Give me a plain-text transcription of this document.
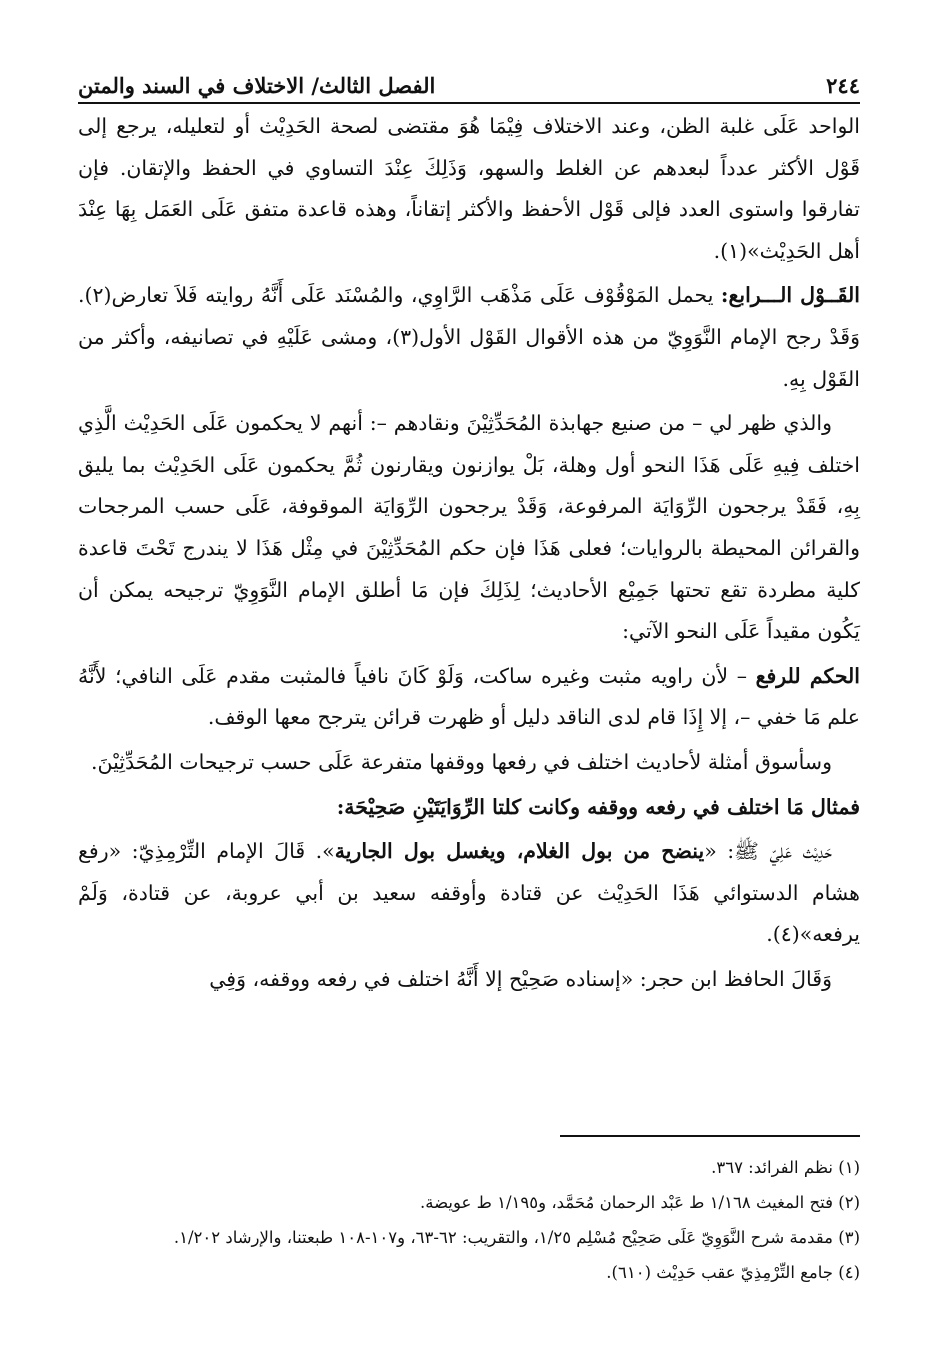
٢٤٤
الفصل الثالث/ الاختلاف في السند والمتن

الواحد عَلَى غلبة الظن، وعند الاختلاف فِيْمَا هُوَ مقتضى لصحة الحَدِيْث أو لتعليله، يرجع إلى قَوْل الأكثر عدداً لبعدهم عن الغلط والسهو، وَذَلِكَ عِنْدَ التساوي في الحفظ والإتقان. فإن تفارقوا واستوى العدد فإلى قَوْل الأحفظ والأكثر إتقاناً، وهذه قاعدة متفق عَلَى العَمَل بِهَا عِنْدَ أهل الحَدِيْث»(١).

القَــوْل الـــرابع: يحمل المَوْقُوْف عَلَى مَذْهَب الرَّاوِي، والمُسْنَد عَلَى أَنَّهُ روايته فَلاَ تعارض(٢). وَقَدْ رجح الإمام النَّوَوِيّ من هذه الأقوال القَوْل الأول(٣)، ومشى عَلَيْهِ في تصانيفه، وأكثر من القَوْل بِهِ.

والذي ظهر لي – من صنيع جهابذة المُحَدِّثِيْنَ ونقادهم –: أنهم لا يحكمون عَلَى الحَدِيْث الَّذِي اختلف فِيهِ عَلَى هَذَا النحو أول وهلة، بَلْ يوازنون ويقارنون ثُمَّ يحكمون عَلَى الحَدِيْث بما يليق بِهِ، فَقَدْ يرجحون الرِّوَايَة المرفوعة، وَقَدْ يرجحون الرِّوَايَة الموقوفة، عَلَى حسب المرجحات والقرائن المحيطة بالروايات؛ فعلى هَذَا فإن حكم المُحَدِّثِيْنَ في مِثْل هَذَا لا يندرج تَحْتَ قاعدة كلية مطردة تقع تحتها جَمِيْع الأحاديث؛ لِذَلِكَ فإن مَا أطلق الإمام النَّوَوِيّ ترجيحه يمكن أن يَكُون مقيداً عَلَى النحو الآتي:

الحكم للرفع – لأن راويه مثبت وغيره ساكت، وَلَوْ كَانَ نافياً فالمثبت مقدم عَلَى النافي؛ لأَنَّهُ علم مَا خفي –، إلا إِذَا قام لدى الناقد دليل أو ظهرت قرائن يترجح معها الوقف.

وسأسوق أمثلة لأحاديث اختلف في رفعها ووقفها متفرعة عَلَى حسب ترجيحات المُحَدِّثِيْنَ.

فمثال مَا اختلف في رفعه ووقفه وكانت كلتا الرِّوَايَتَيْنِ صَحِيْحَة:

حَدِيْث عَلِيّ ﷺ: «ينضح من بول الغلام، ويغسل بول الجارية». قَالَ الإمام التِّرْمِذِيّ: «رفع هشام الدستوائي هَذَا الحَدِيْث عن قتادة وأوقفه سعيد بن أبي عروبة، عن قتادة، وَلَمْ يرفعه»(٤).

وَقَالَ الحافظ ابن حجر: «إسناده صَحِيْح إلا أَنَّهُ اختلف في رفعه ووقفه، وَفِي

(١) نظم الفرائد: ٣٦٧.
(٢) فتح المغيث ١/١٦٨ ط عَبْد الرحمان مُحَمَّد، و١/١٩٥ ط عويضة.
(٣) مقدمة شرح النَّوَوِيّ عَلَى صَحِيْح مُسْلِم ١/٢٥، والتقريب: ٦٢-٦٣، و١٠٧-١٠٨ طبعتنا، والإرشاد ١/٢٠٢.
(٤) جامع التِّرْمِذِيّ عقب حَدِيْث (٦١٠).
